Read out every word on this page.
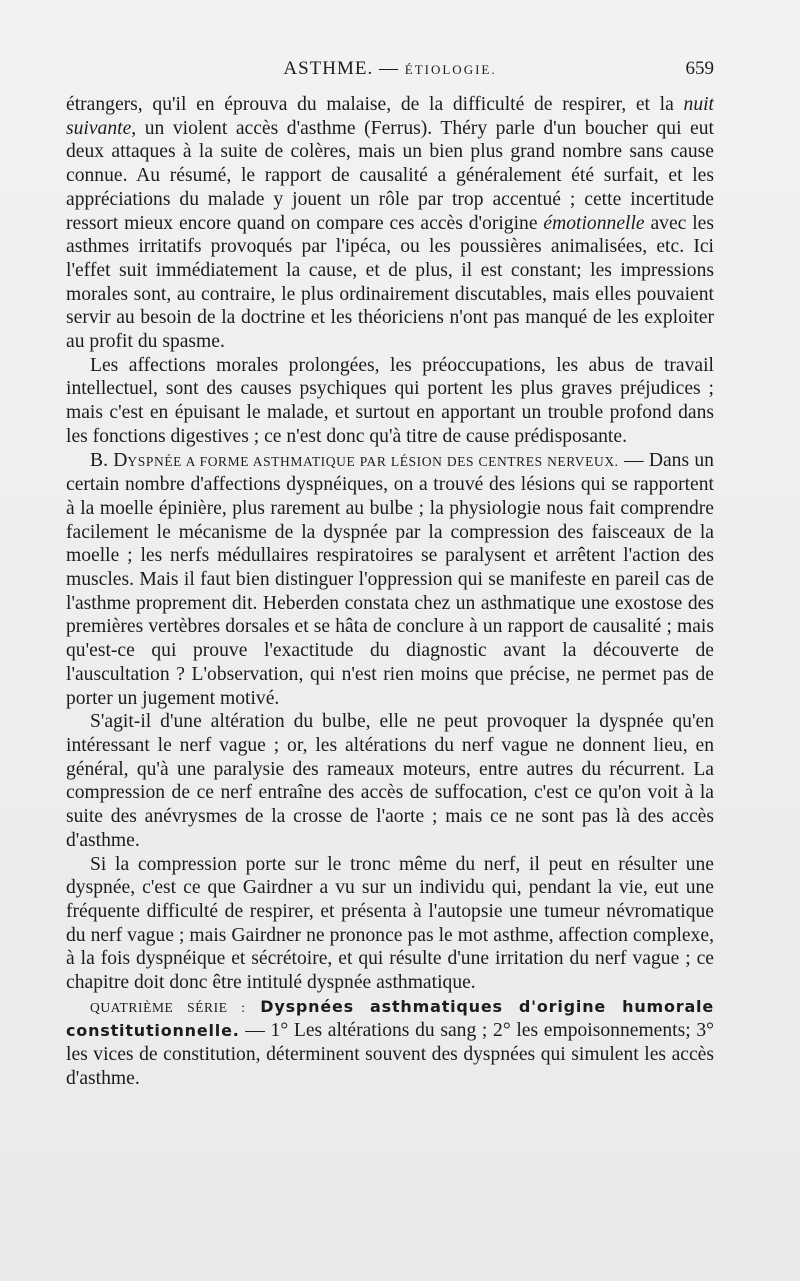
ASTHME. — ÉTIOLOGIE.	659

étrangers, qu'il en éprouva du malaise, de la difficulté de respirer, et la nuit suivante, un violent accès d'asthme (Ferrus). Théry parle d'un boucher qui eut deux attaques à la suite de colères, mais un bien plus grand nombre sans cause connue. Au résumé, le rapport de causalité a généralement été surfait, et les appréciations du malade y jouent un rôle par trop accentué ; cette incertitude ressort mieux encore quand on compare ces accès d'origine émotionnelle avec les asthmes irritatifs provoqués par l'ipéca, ou les poussières animalisées, etc. Ici l'effet suit immédiatement la cause, et de plus, il est constant; les impressions morales sont, au contraire, le plus ordinairement discutables, mais elles pouvaient servir au besoin de la doctrine et les théoriciens n'ont pas manqué de les exploiter au profit du spasme.

Les affections morales prolongées, les préoccupations, les abus de travail intellectuel, sont des causes psychiques qui portent les plus graves préjudices ; mais c'est en épuisant le malade, et surtout en apportant un trouble profond dans les fonctions digestives ; ce n'est donc qu'à titre de cause prédisposante.

B. DYSPNÉE A FORME ASTHMATIQUE PAR LÉSION DES CENTRES NERVEUX. — Dans un certain nombre d'affections dyspnéiques, on a trouvé des lésions qui se rapportent à la moelle épinière, plus rarement au bulbe ; la physiologie nous fait comprendre facilement le mécanisme de la dyspnée par la compression des faisceaux de la moelle ; les nerfs médullaires respiratoires se paralysent et arrêtent l'action des muscles. Mais il faut bien distinguer l'oppression qui se manifeste en pareil cas de l'asthme proprement dit. Heberden constata chez un asthmatique une exostose des premières vertèbres dorsales et se hâta de conclure à un rapport de causalité ; mais qu'est-ce qui prouve l'exactitude du diagnostic avant la découverte de l'auscultation ? L'observation, qui n'est rien moins que précise, ne permet pas de porter un jugement motivé.

S'agit-il d'une altération du bulbe, elle ne peut provoquer la dyspnée qu'en intéressant le nerf vague ; or, les altérations du nerf vague ne donnent lieu, en général, qu'à une paralysie des rameaux moteurs, entre autres du récurrent. La compression de ce nerf entraîne des accès de suffocation, c'est ce qu'on voit à la suite des anévrysmes de la crosse de l'aorte ; mais ce ne sont pas là des accès d'asthme.

Si la compression porte sur le tronc même du nerf, il peut en résulter une dyspnée, c'est ce que Gairdner a vu sur un individu qui, pendant la vie, eut une fréquente difficulté de respirer, et présenta à l'autopsie une tumeur névromatique du nerf vague ; mais Gairdner ne prononce pas le mot asthme, affection complexe, à la fois dyspnéique et sécrétoire, et qui résulte d'une irritation du nerf vague ; ce chapitre doit donc être intitulé dyspnée asthmatique.

QUATRIÈME SÉRIE : Dyspnées asthmatiques d'origine humorale constitutionnelle. — 1° Les altérations du sang ; 2° les empoisonnements; 3° les vices de constitution, déterminent souvent des dyspnées qui simulent les accès d'asthme.
